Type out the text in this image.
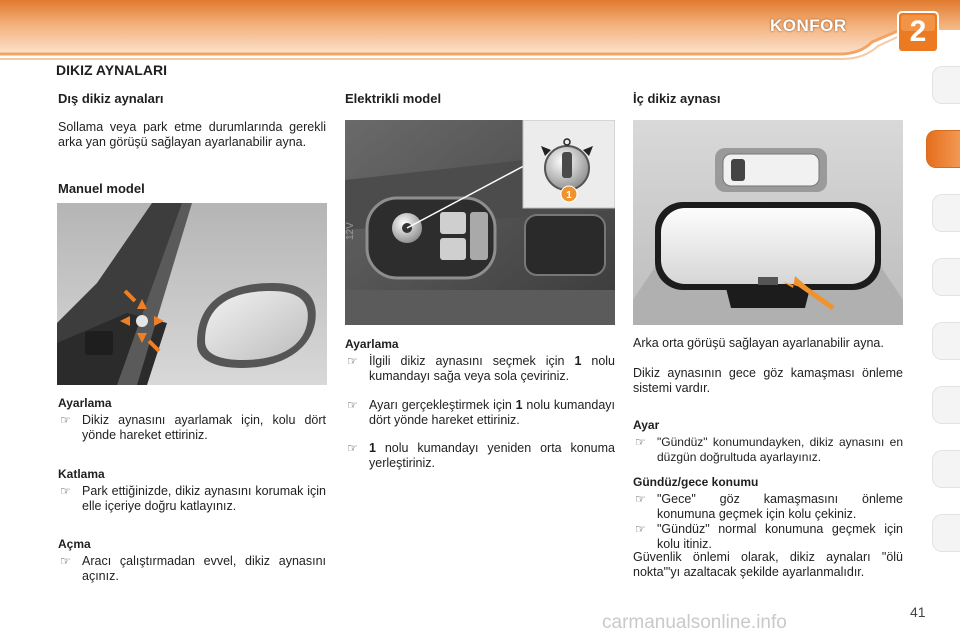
KONFOR	2
DIKIZ AYNALARI
Dış dikiz aynaları
Sollama veya park etme durumlarında gerekli arka yan görüşü sağlayan ayarlanabilir ayna.
Manuel model
Ayarlama
☞ Dikiz aynasını ayarlamak için, kolu dört yönde hareket ettiriniz.
Katlama
☞ Park ettiğinizde, dikiz aynasını korumak için elle içeriye doğru katlayınız.
Açma
☞ Aracı çalıştırmadan evvel, dikiz aynasını açınız.
Elektrikli model
1
12V
Ayarlama
☞ İlgili dikiz aynasını seçmek için 1 nolu kumandayı sağa veya sola çeviriniz.
☞ Ayarı gerçekleştirmek için 1 nolu kumandayı dört yönde hareket ettiriniz.
☞ 1 nolu kumandayı yeniden orta konuma yerleştiriniz.
İç dikiz aynası
Arka orta görüşü sağlayan ayarlanabilir ayna.
Dikiz aynasının gece göz kamaşması önleme sistemi vardır.
Ayar
☞ "Gündüz" konumundayken, dikiz aynasını en düzgün doğrultuda ayarlayınız.
Gündüz/gece konumu
☞ "Gece" göz kamaşmasını önleme konumuna geçmek için kolu çekiniz.
☞ "Gündüz" normal konumuna geçmek için kolu itiniz.
Güvenlik önlemi olarak, dikiz aynaları "ölü nokta"'yı azaltacak şekilde ayarlanmalıdır.
41
carmanualsonline.info
